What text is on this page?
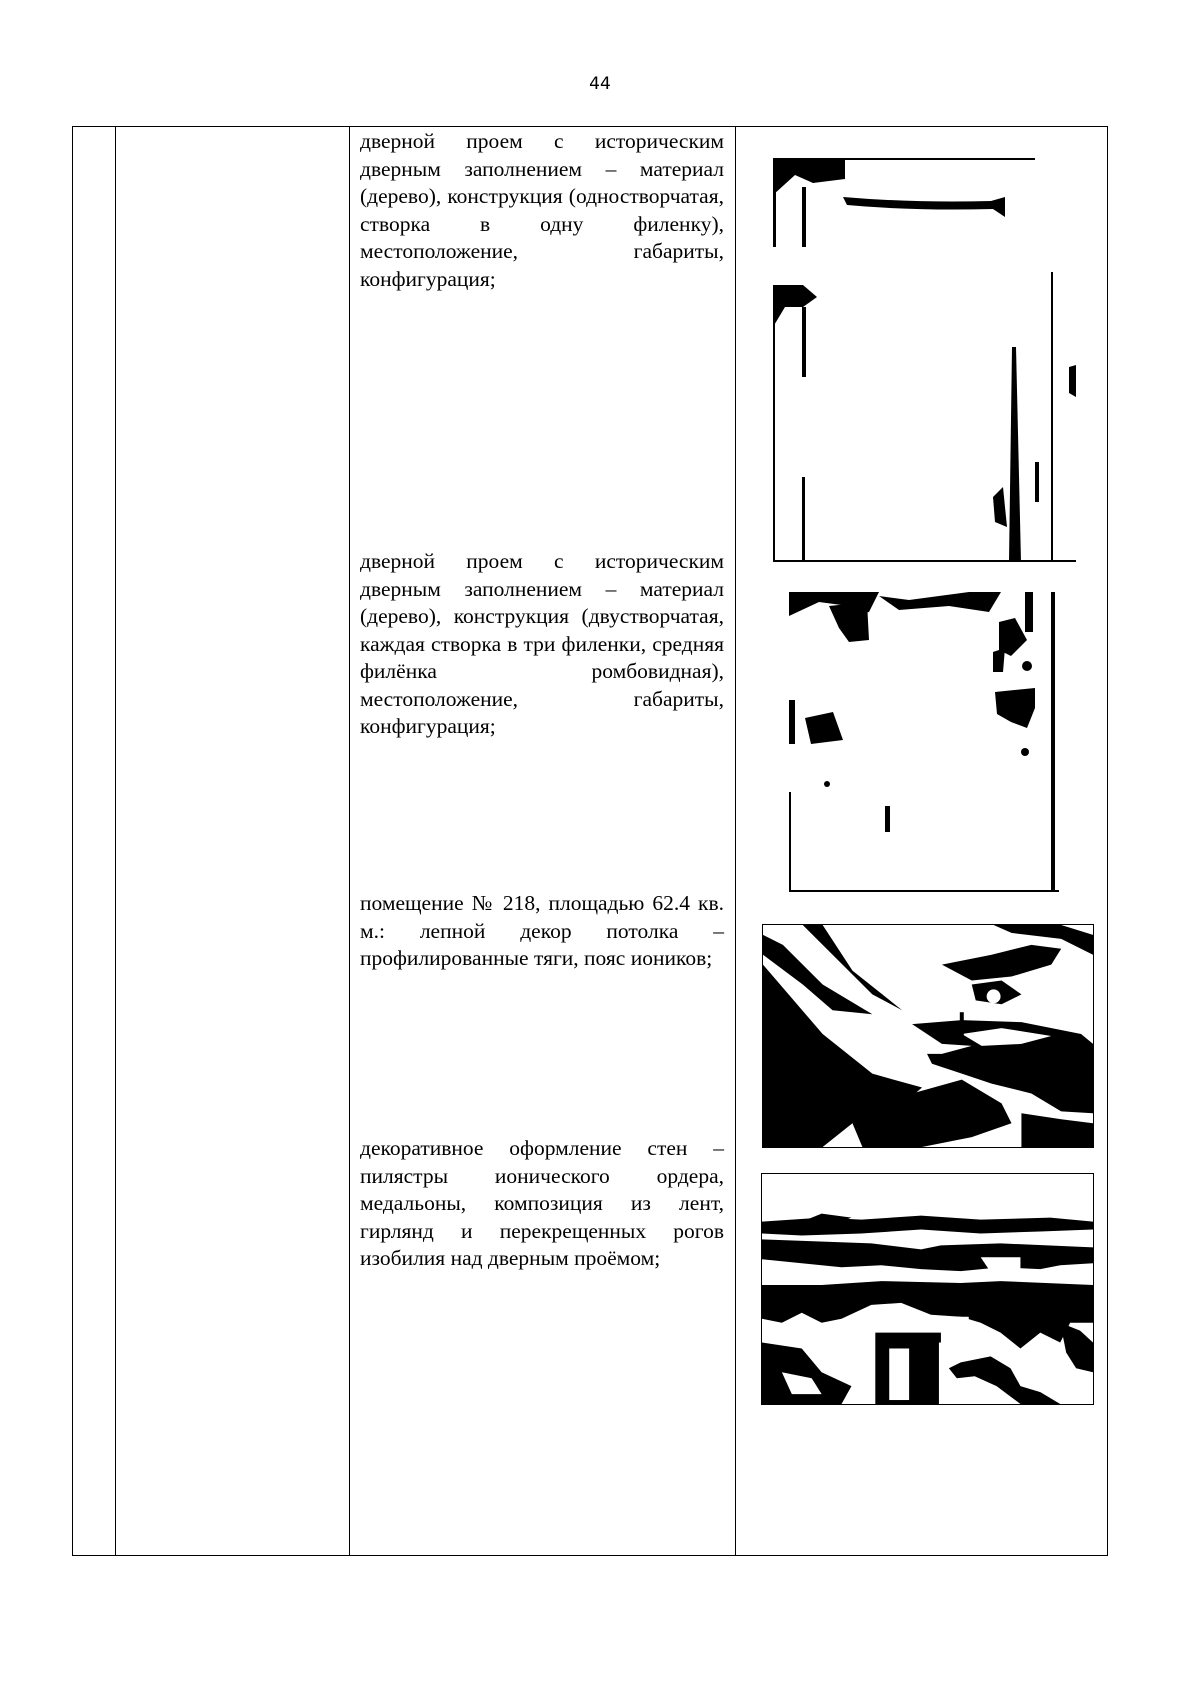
44

дверной проем с историческим дверным заполнением – материал (дерево), конструкция (одностворчатая, створка в одну филенку), местоположение, габариты, конфигурация;

дверной проем с историческим дверным заполнением – материал (дерево), конструкция (двустворчатая, каждая створка в три филенки, средняя филёнка ромбовидная), местоположение, габариты, конфигурация;

помещение № 218, площадью 62.4 кв. м.: лепной декор потолка – профилированные тяги, пояс иоников;

декоративное оформление стен – пилястры ионического ордера, медальоны, композиция из лент, гирлянд и перекрещенных рогов изобилия над дверным проёмом;
